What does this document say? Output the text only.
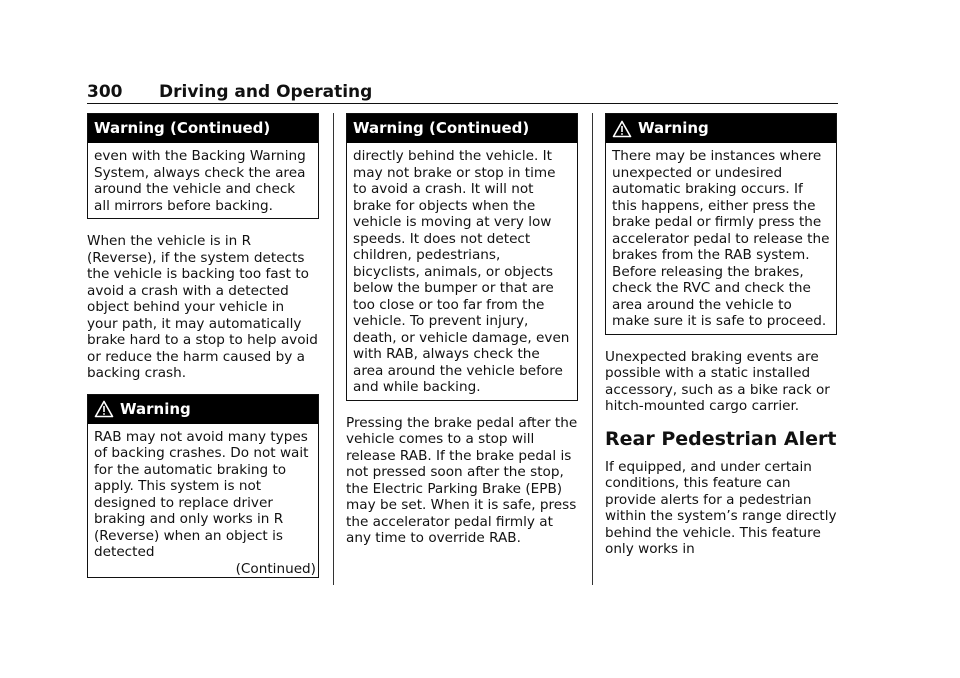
300 Driving and Operating
Warning (Continued)
even with the Backing Warning System, always check the area around the vehicle and check all mirrors before backing.

When the vehicle is in R (Reverse), if the system detects the vehicle is backing too fast to avoid a crash with a detected object behind your vehicle in your path, it may automatically brake hard to a stop to help avoid or reduce the harm caused by a backing crash.

Warning
RAB may not avoid many types of backing crashes. Do not wait for the automatic braking to apply. This system is not designed to replace driver braking and only works in R (Reverse) when an object is detected
(Continued)
Warning (Continued)
directly behind the vehicle. It may not brake or stop in time to avoid a crash. It will not brake for objects when the vehicle is moving at very low speeds. It does not detect children, pedestrians, bicyclists, animals, or objects below the bumper or that are too close or too far from the vehicle. To prevent injury, death, or vehicle damage, even with RAB, always check the area around the vehicle before and while backing.

Pressing the brake pedal after the vehicle comes to a stop will release RAB. If the brake pedal is not pressed soon after the stop, the Electric Parking Brake (EPB) may be set. When it is safe, press the accelerator pedal firmly at any time to override RAB.

Warning
There may be instances where unexpected or undesired automatic braking occurs. If this happens, either press the brake pedal or firmly press the accelerator pedal to release the brakes from the RAB system. Before releasing the brakes, check the RVC and check the area around the vehicle to make sure it is safe to proceed.

Unexpected braking events are possible with a static installed accessory, such as a bike rack or hitch-mounted cargo carrier.

Rear Pedestrian Alert

If equipped, and under certain conditions, this feature can provide alerts for a pedestrian within the system’s range directly behind the vehicle. This feature only works in
